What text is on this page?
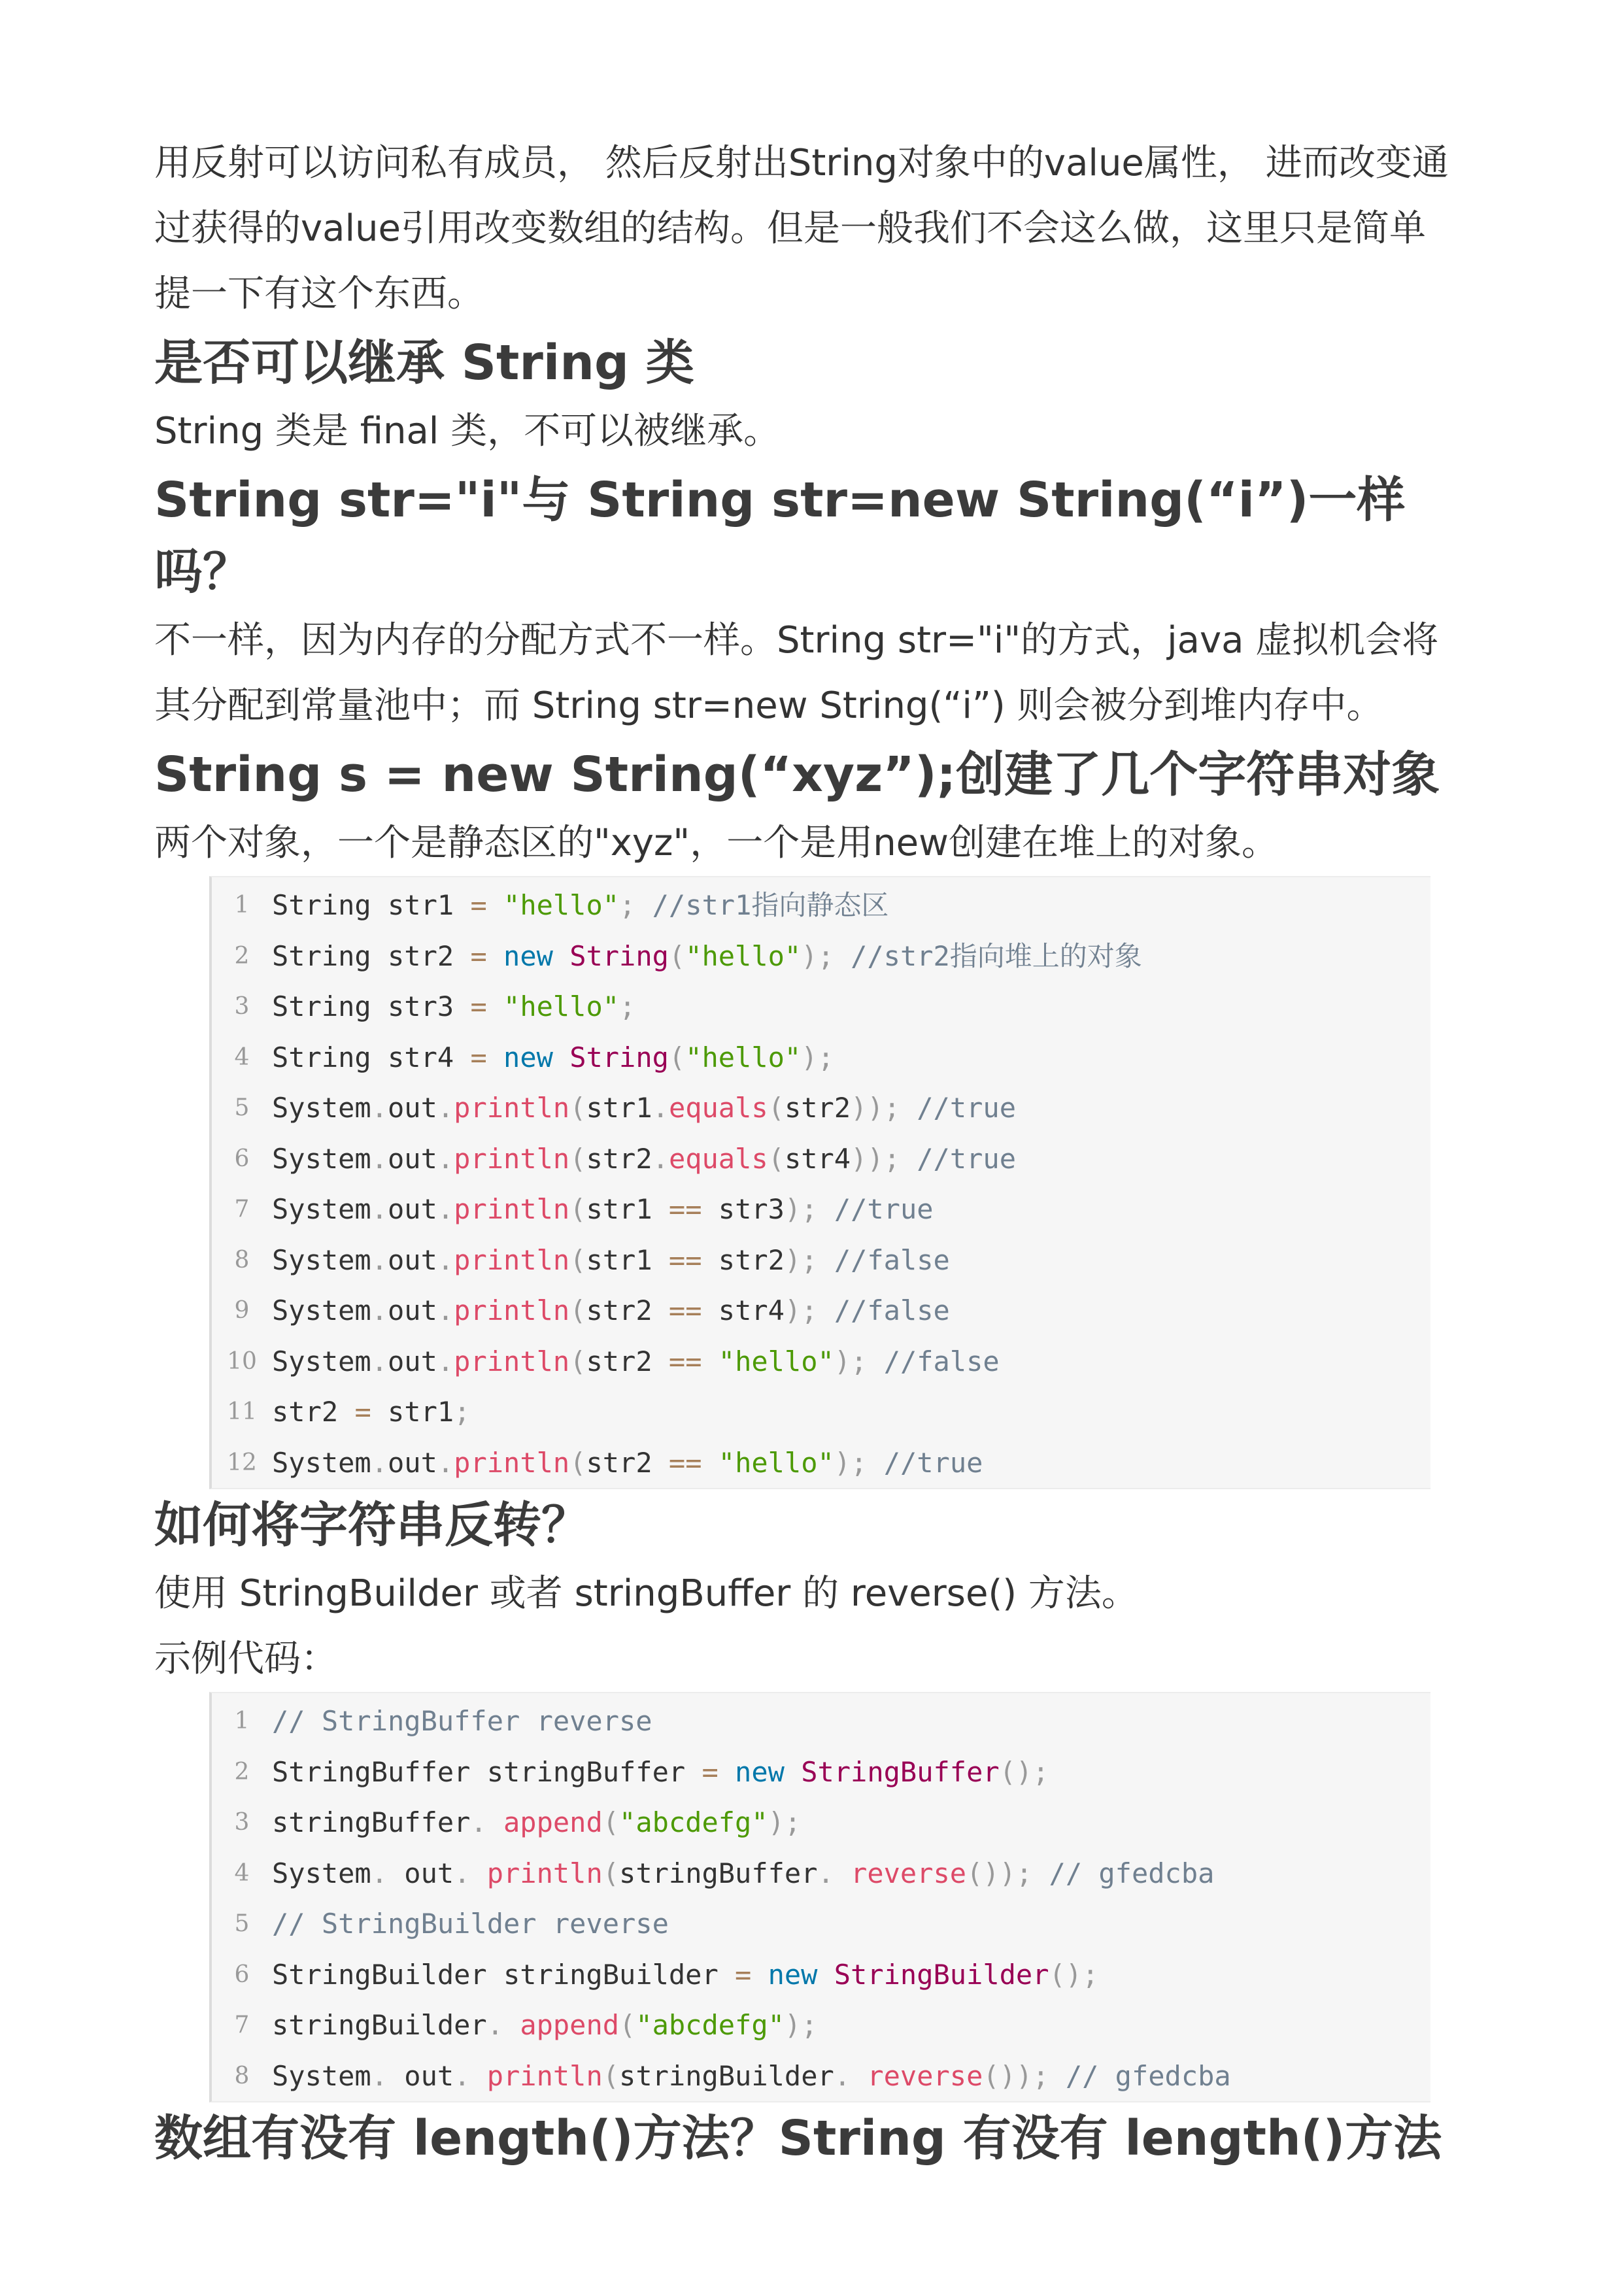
用反射可以访问私有成员， 然后反射出String对象中的value属性， 进而改变通

过获得的value引用改变数组的结构。但是一般我们不会这么做，这里只是简单

提一下有这个东西。

是否可以继承 String 类

String 类是 final 类，不可以被继承。

String str="i"与 String str=new String(“i”)一样吗？

不一样，因为内存的分配方式不一样。String str="i"的方式，java 虚拟机会将

其分配到常量池中；而 String str=new String(“i”) 则会被分到堆内存中。

String s = new String(“xyz”);创建了几个字符串对象

两个对象，一个是静态区的"xyz"，一个是用new创建在堆上的对象。

1 String str1 = "hello"; //str1指向静态区
2 String str2 = new String("hello"); //str2指向堆上的对象
3 String str3 = "hello";
4 String str4 = new String("hello");
5 System.out.println(str1.equals(str2)); //true
6 System.out.println(str2.equals(str4)); //true
7 System.out.println(str1 == str3); //true
8 System.out.println(str1 == str2); //false
9 System.out.println(str2 == str4); //false
10 System.out.println(str2 == "hello"); //false
11 str2 = str1;
12 System.out.println(str2 == "hello"); //true
如何将字符串反转？

使用 StringBuilder 或者 stringBuffer 的 reverse() 方法。

示例代码：

1 // StringBuffer reverse
2 StringBuffer stringBuffer = new StringBuffer();
3 stringBuffer. append("abcdefg");
4 System. out. println(stringBuffer. reverse()); // gfedcba
5 // StringBuilder reverse
6 StringBuilder stringBuilder = new StringBuilder();
7 stringBuilder. append("abcdefg");
8 System. out. println(stringBuilder. reverse()); // gfedcba
数组有没有 length()方法？String 有没有 length()方法
